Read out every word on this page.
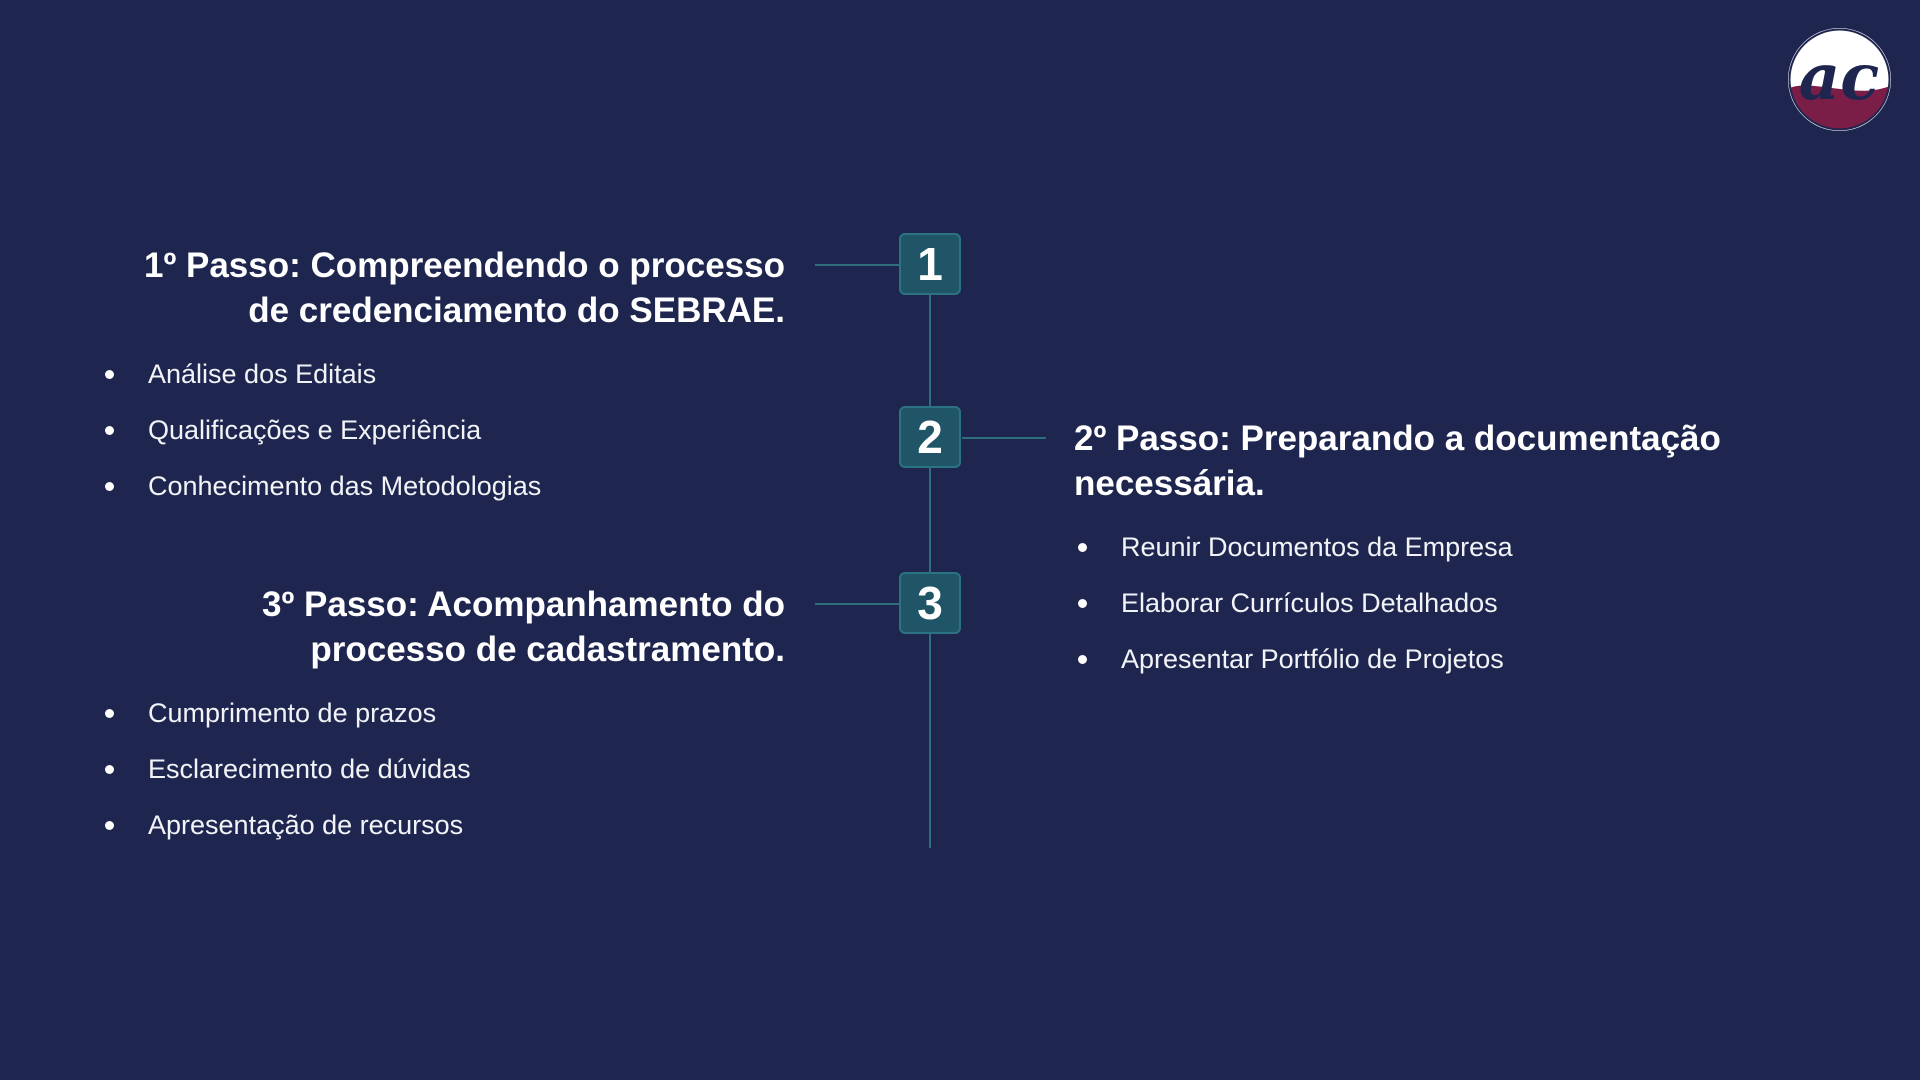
ac
1
2
3
1º Passo: Compreendendo o processo
de credenciamento do SEBRAE.
Análise dos Editais
Qualificações e Experiência
Conhecimento das Metodologias
2º Passo: Preparando a documentação
necessária.
Reunir Documentos da Empresa
Elaborar Currículos Detalhados
Apresentar Portfólio de Projetos
3º Passo: Acompanhamento do
processo de cadastramento.
Cumprimento de prazos
Esclarecimento de dúvidas
Apresentação de recursos
